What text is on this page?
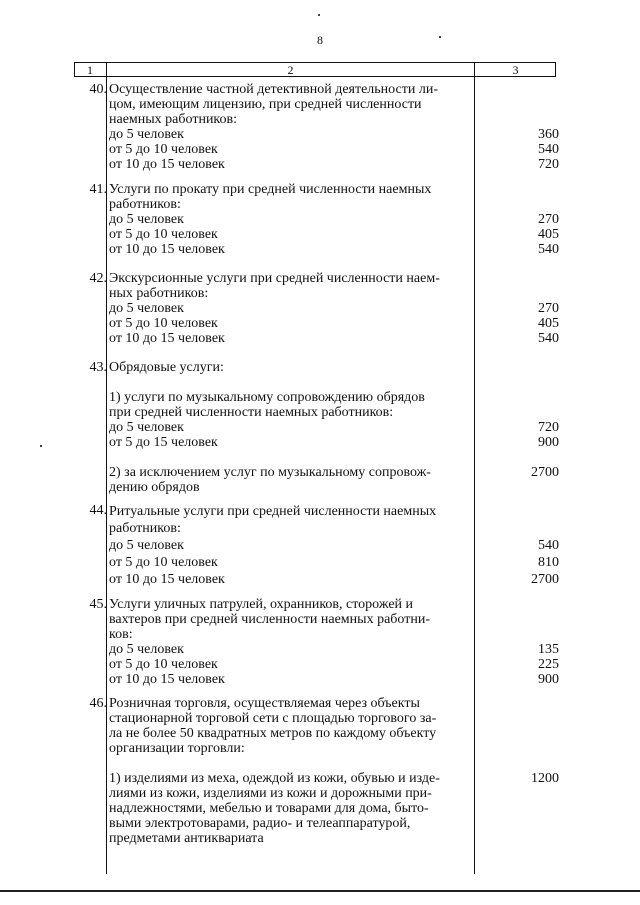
8
1	2	3
40. Осуществление частной детективной деятельности ли-
цом, имеющим лицензию, при средней численности
наемных работников:
до 5 человек
от 5 до 10 человек
от 10 до 15 человек

360
540
720
41. Услуги по прокату при средней численности наемных
работников:
до 5 человек
от 5 до 10 человек
от 10 до 15 человек

270
405
540
42. Экскурсионные услуги при средней численности наем-
ных работников:
до 5 человек
от 5 до 10 человек
от 10 до 15 человек

270
405
540
43. Обрядовые услуги:

1) услуги по музыкальному сопровождению обрядов
при средней численности наемных работников:
до 5 человек
от 5 до 15 человек

2) за исключением услуг по музыкальному сопровож-
дению обрядов

720
900

2700
44. Ритуальные услуги при средней численности наемных
работников:
до 5 человек
от 5 до 10 человек
от 10 до 15 человек

540
810
2700
45. Услуги уличных патрулей, охранников, сторожей и
вахтеров при средней численности наемных работни-
ков:
до 5 человек
от 5 до 10 человек
от 10 до 15 человек

135
225
900
46. Розничная торговля, осуществляемая через объекты
стационарной торговой сети с площадью торгового за-
ла не более 50 квадратных метров по каждому объекту
организации торговли:

1) изделиями из меха, одеждой из кожи, обувью и изде-
лиями из кожи, изделиями из кожи и дорожными при-
надлежностями, мебелью и товарами для дома, быто-
выми электротоварами, радио- и телеаппаратурой,
предметами антиквариата

1200
